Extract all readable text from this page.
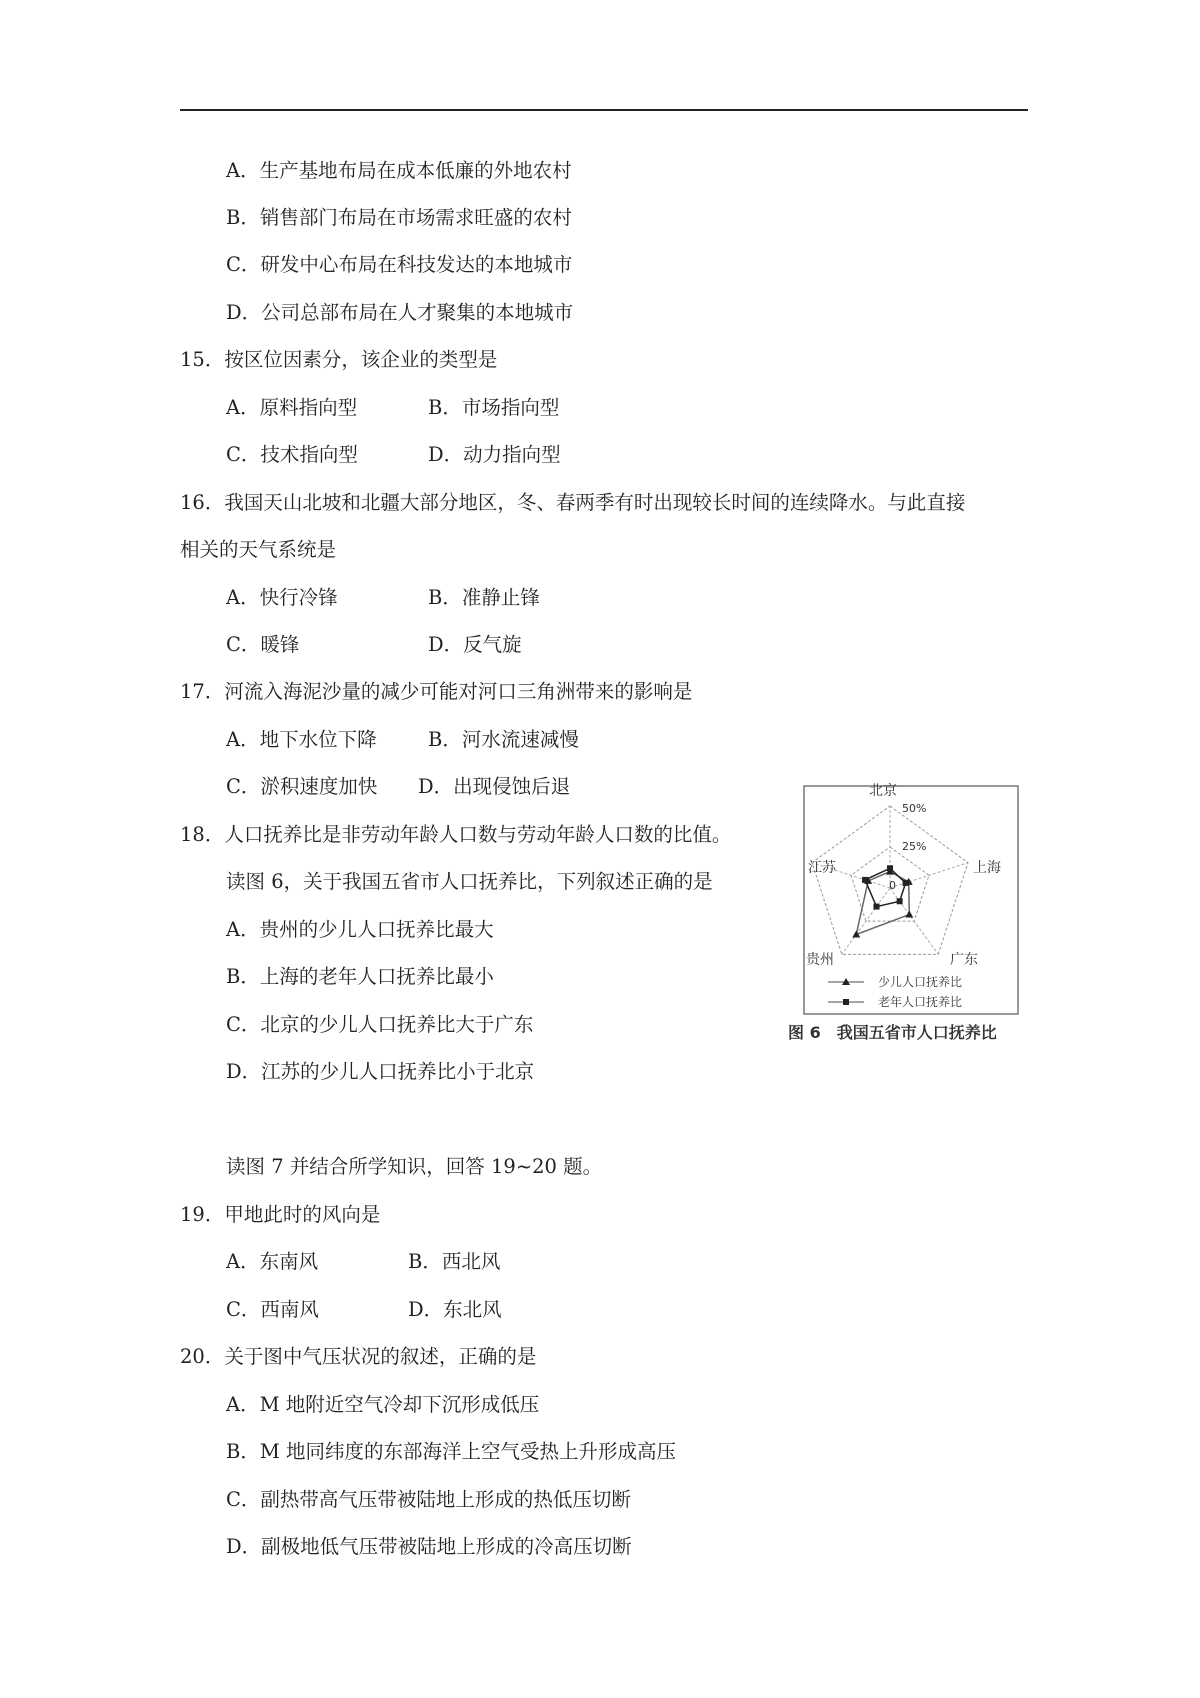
A．生产基地布局在成本低廉的外地农村
B．销售部门布局在市场需求旺盛的农村
C．研发中心布局在科技发达的本地城市
D．公司总部布局在人才聚集的本地城市
15．按区位因素分，该企业的类型是
A．原料指向型	B．市场指向型
C．技术指向型	D．动力指向型
16．我国天山北坡和北疆大部分地区，冬、春两季有时出现较长时间的连续降水。与此直接
相关的天气系统是
A．快行冷锋	B．准静止锋
C．暖锋	D．反气旋
17．河流入海泥沙量的减少可能对河口三角洲带来的影响是
A．地下水位下降	B．河水流速减慢
C．淤积速度加快 D．出现侵蚀后退
18．人口抚养比是非劳动年龄人口数与劳动年龄人口数的比值。
读图 6，关于我国五省市人口抚养比，下列叙述正确的是
A．贵州的少儿人口抚养比最大
B．上海的老年人口抚养比最小
C．北京的少儿人口抚养比大于广东
D．江苏的少儿人口抚养比小于北京
北京
上海
广东
贵州
江苏
50%
25%
0
少儿人口抚养比
老年人口抚养比
图 6　我国五省市人口抚养比
读图 7 并结合所学知识，回答 19~20 题。
19．甲地此时的风向是
A．东南风	B．西北风
C．西南风	D．东北风
20．关于图中气压状况的叙述，正确的是
A．M 地附近空气冷却下沉形成低压
B．M 地同纬度的东部海洋上空气受热上升形成高压
C．副热带高气压带被陆地上形成的热低压切断
D．副极地低气压带被陆地上形成的冷高压切断
